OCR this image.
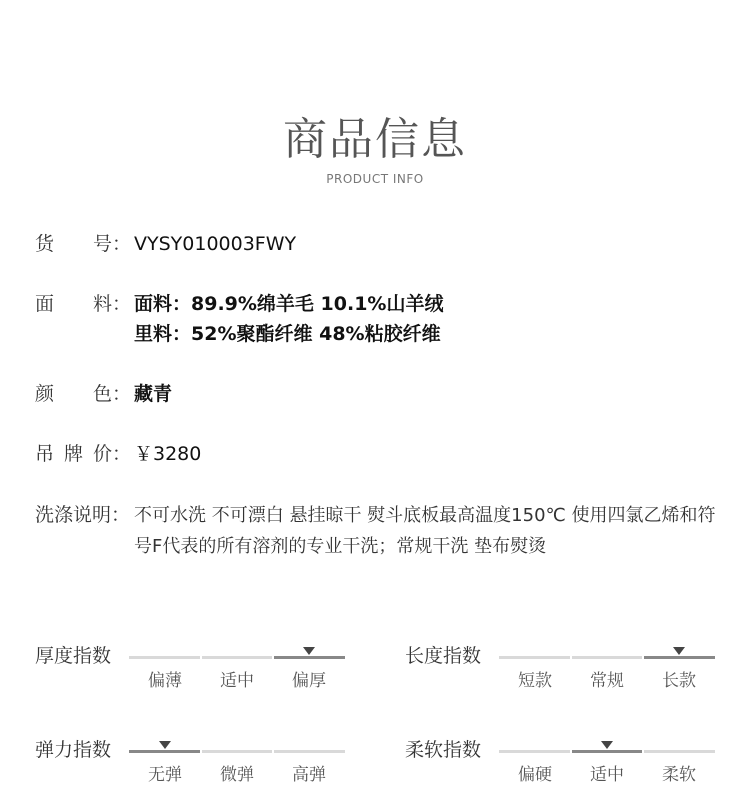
商品信息
PRODUCT INFO
货 号： VYSY010003FWY
面 料： 面料：89.9%绵羊毛 10.1%山羊绒
里料：52%聚酯纤维 48%粘胶纤维
颜 色： 藏青
吊 牌 价： ￥3280
洗涤说明： 不可水洗 不可漂白 悬挂晾干 熨斗底板最高温度150℃ 使用四氯乙烯和符号F代表的所有溶剂的专业干洗；常规干洗 垫布熨烫
厚度指数
偏薄	适中	偏厚
长度指数
短款	常规	长款
弹力指数
无弹	微弹	高弹
柔软指数
偏硬	适中	柔软
